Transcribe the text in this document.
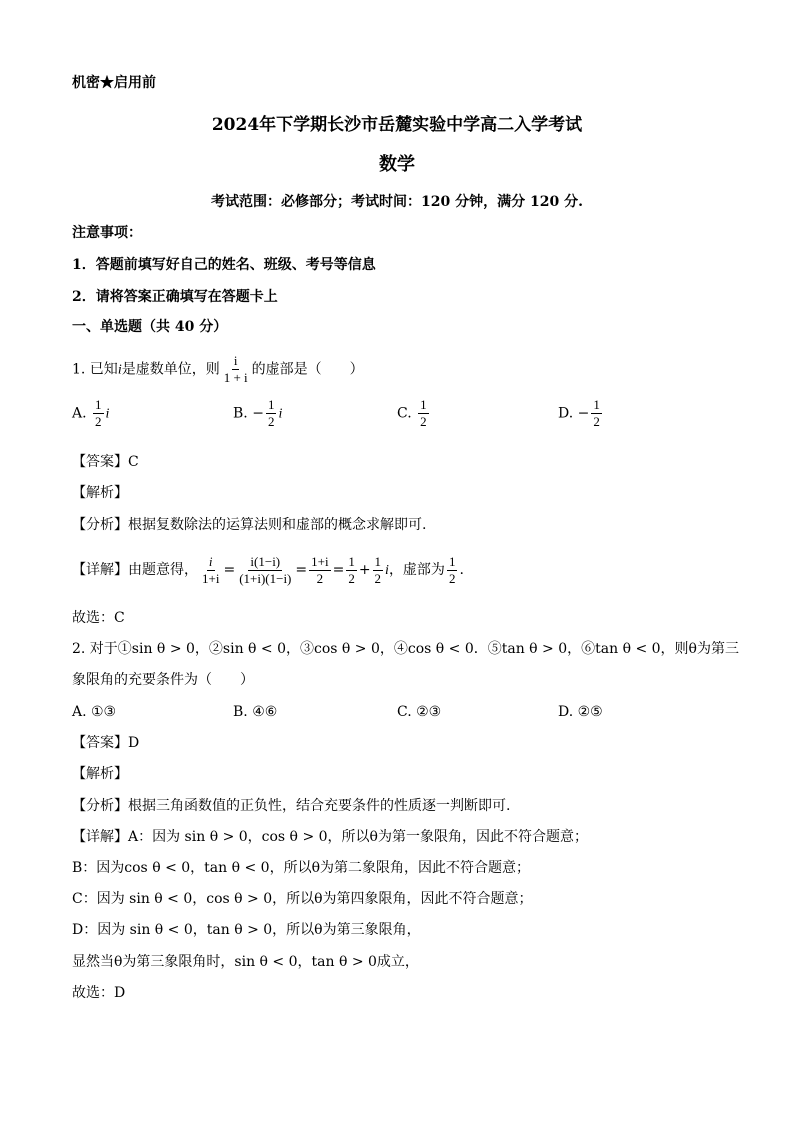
机密★启用前
2024年下学期长沙市岳麓实验中学高二入学考试
数学
考试范围：必修部分；考试时间：120 分钟，满分 120 分.
注意事项：
1．答题前填写好自己的姓名、班级、考号等信息
2．请将答案正确填写在答题卡上
一、单选题（共 40 分）
1. 已知i是虚数单位，则 $\frac{i}{1 + i}$ 的虚部是（　　）
A. $\frac{1}{2}$ i	B. − $\frac{1}{2}$ i	C. $\frac{1}{2}$	D. − $\frac{1}{2}$
【答案】C
【解析】
【分析】根据复数除法的运算法则和虚部的概念求解即可.
【详解】由题意得， $\frac{i}{1+i} = \frac{i(1-i)}{(1+i)(1-i)} = \frac{1+i}{2} = \frac{1}{2} + \frac{1}{2}$ i，虚部为 $\frac{1}{2}$ .
故选：C
2. 对于①sin θ > 0，②sin θ < 0，③cos θ > 0，④cos θ < 0．⑤tan θ > 0，⑥tan θ < 0，则θ为第三
象限角的充要条件为（　　）
A. ①③	B. ④⑥	C. ②③	D. ②⑤
【答案】D
【解析】
【分析】根据三角函数值的正负性，结合充要条件的性质逐一判断即可.
【详解】A：因为 sin θ > 0，cos θ > 0，所以θ为第一象限角，因此不符合题意；
B：因为cos θ < 0，tan θ < 0，所以θ为第二象限角，因此不符合题意；
C：因为 sin θ < 0，cos θ > 0，所以θ为第四象限角，因此不符合题意；
D：因为 sin θ < 0，tan θ > 0，所以θ为第三象限角，
显然当θ为第三象限角时，sin θ < 0，tan θ > 0成立，
故选：D
